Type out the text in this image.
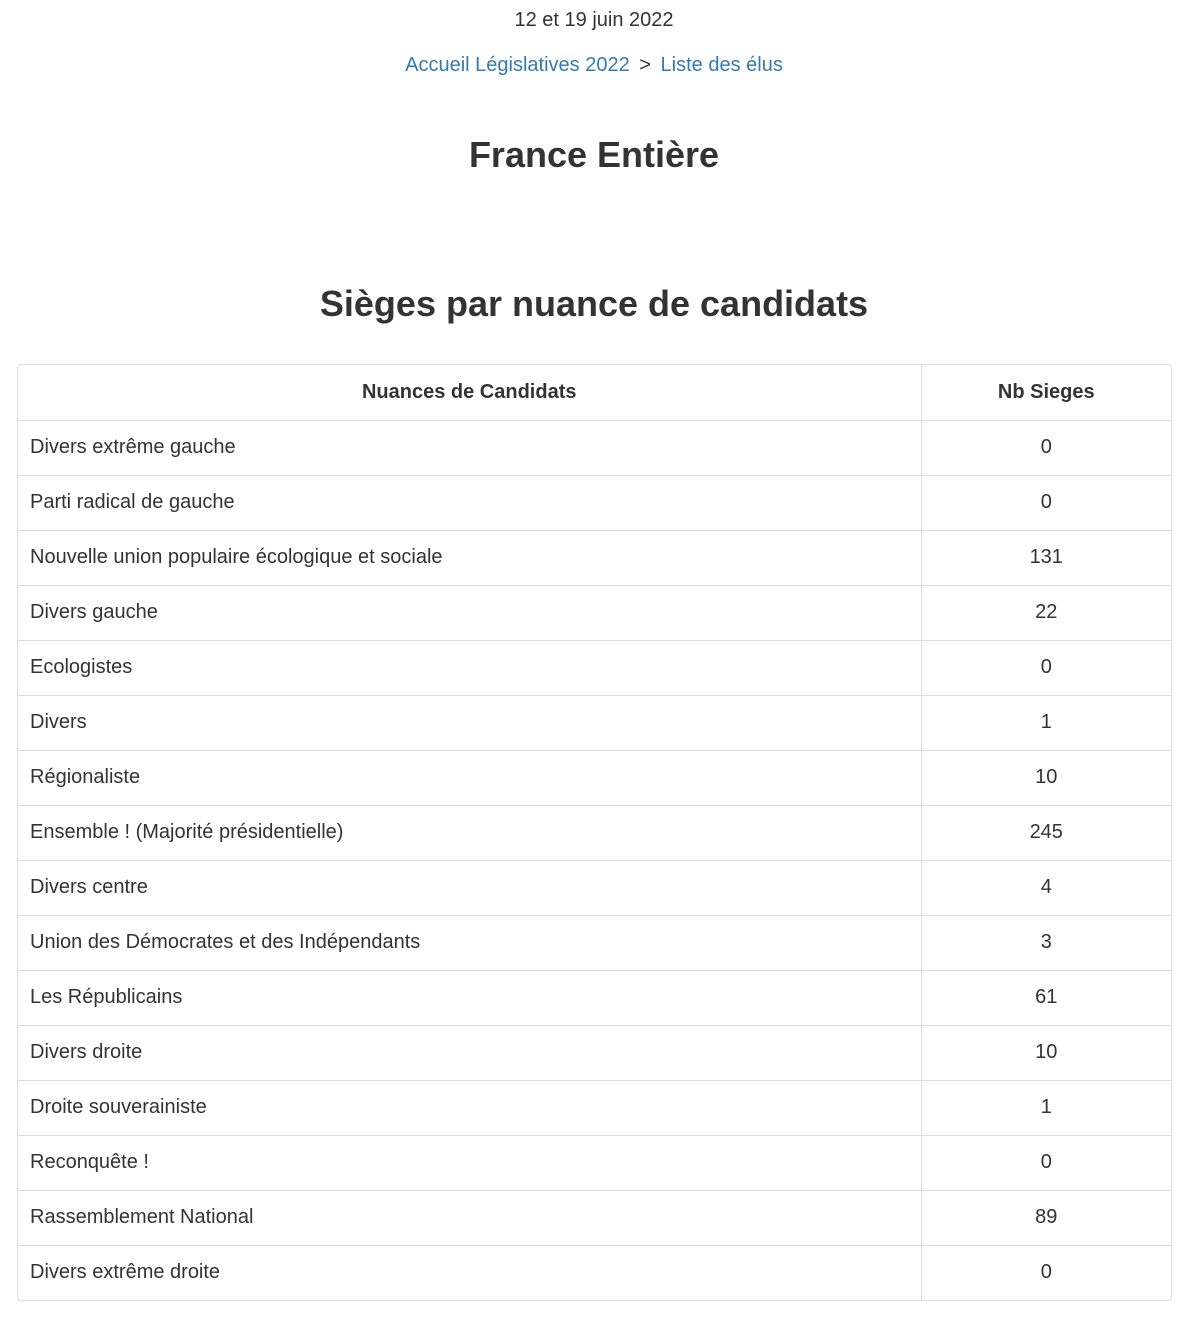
12 et 19 juin 2022
Accueil Législatives 2022 > Liste des élus
France Entière
Sièges par nuance de candidats
Nuances de Candidats	Nb Sieges
Divers extrême gauche	0
Parti radical de gauche	0
Nouvelle union populaire écologique et sociale	131
Divers gauche	22
Ecologistes	0
Divers	1
Régionaliste	10
Ensemble ! (Majorité présidentielle)	245
Divers centre	4
Union des Démocrates et des Indépendants	3
Les Républicains	61
Divers droite	10
Droite souverainiste	1
Reconquête !	0
Rassemblement National	89
Divers extrême droite	0
